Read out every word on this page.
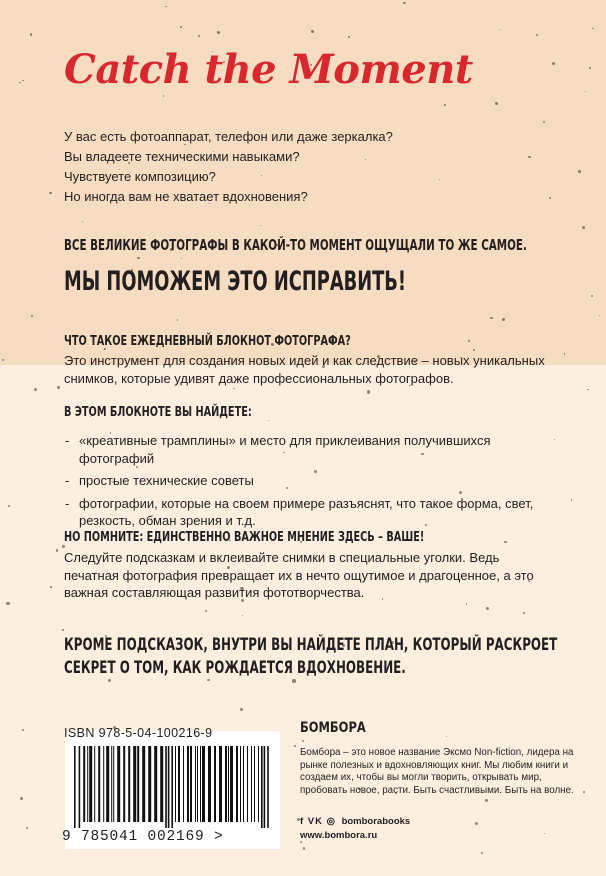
Catch the Moment
У вас есть фотоаппарат, телефон или даже зеркалка?
Вы владеете техническими навыками?
Чувствуете композицию?
Но иногда вам не хватает вдохновения?
ВСЕ ВЕЛИКИЕ ФОТОГРАФЫ В КАКОЙ-ТО МОМЕНТ ОЩУЩАЛИ ТО ЖЕ САМОЕ.
МЫ ПОМОЖЕМ ЭТО ИСПРАВИТЬ!
ЧТО ТАКОЕ ЕЖЕДНЕВНЫЙ БЛОКНОТ ФОТОГРАФА?

Это инструмент для создания новых идей и как следствие – новых уникальных снимков, которые удивят даже профессиональных фотографов.

В ЭТОМ БЛОКНОТЕ ВЫ НАЙДЕТЕ:
- «креативные трамплины» и место для приклеивания получившихся фотографий
- простые технические советы
- фотографии, которые на своем примере разъяснят, что такое форма, свет, резкость, обман зрения и т.д.
НО ПОМНИТЕ: ЕДИНСТВЕННО ВАЖНОЕ МНЕНИЕ ЗДЕСЬ – ВАШЕ!

Следуйте подсказкам и вклеивайте снимки в специальные уголки. Ведь печатная фотография превращает их в нечто ощутимое и драгоценное, а это важная составляющая развития фототворчества.

КРОМЕ ПОДСКАЗОК, ВНУТРИ ВЫ НАЙДЕТЕ ПЛАН, КОТОРЫЙ РАСКРОЕТ
СЕКРЕТ О ТОМ, КАК РОЖДАЕТСЯ ВДОХНОВЕНИЕ.
ISBN 978-5-04-100216-9
9 785041 002169 >
БОМБОРА

Бомбора – это новое название Эксмо Non-fiction, лидера на рынке полезных и вдохновляющих книг. Мы любим книги и создаем их, чтобы вы могли творить, открывать мир, пробовать новое, расти. Быть счастливыми. Быть на волне.

f VK ◎ bomborabooks
www.bombora.ru
